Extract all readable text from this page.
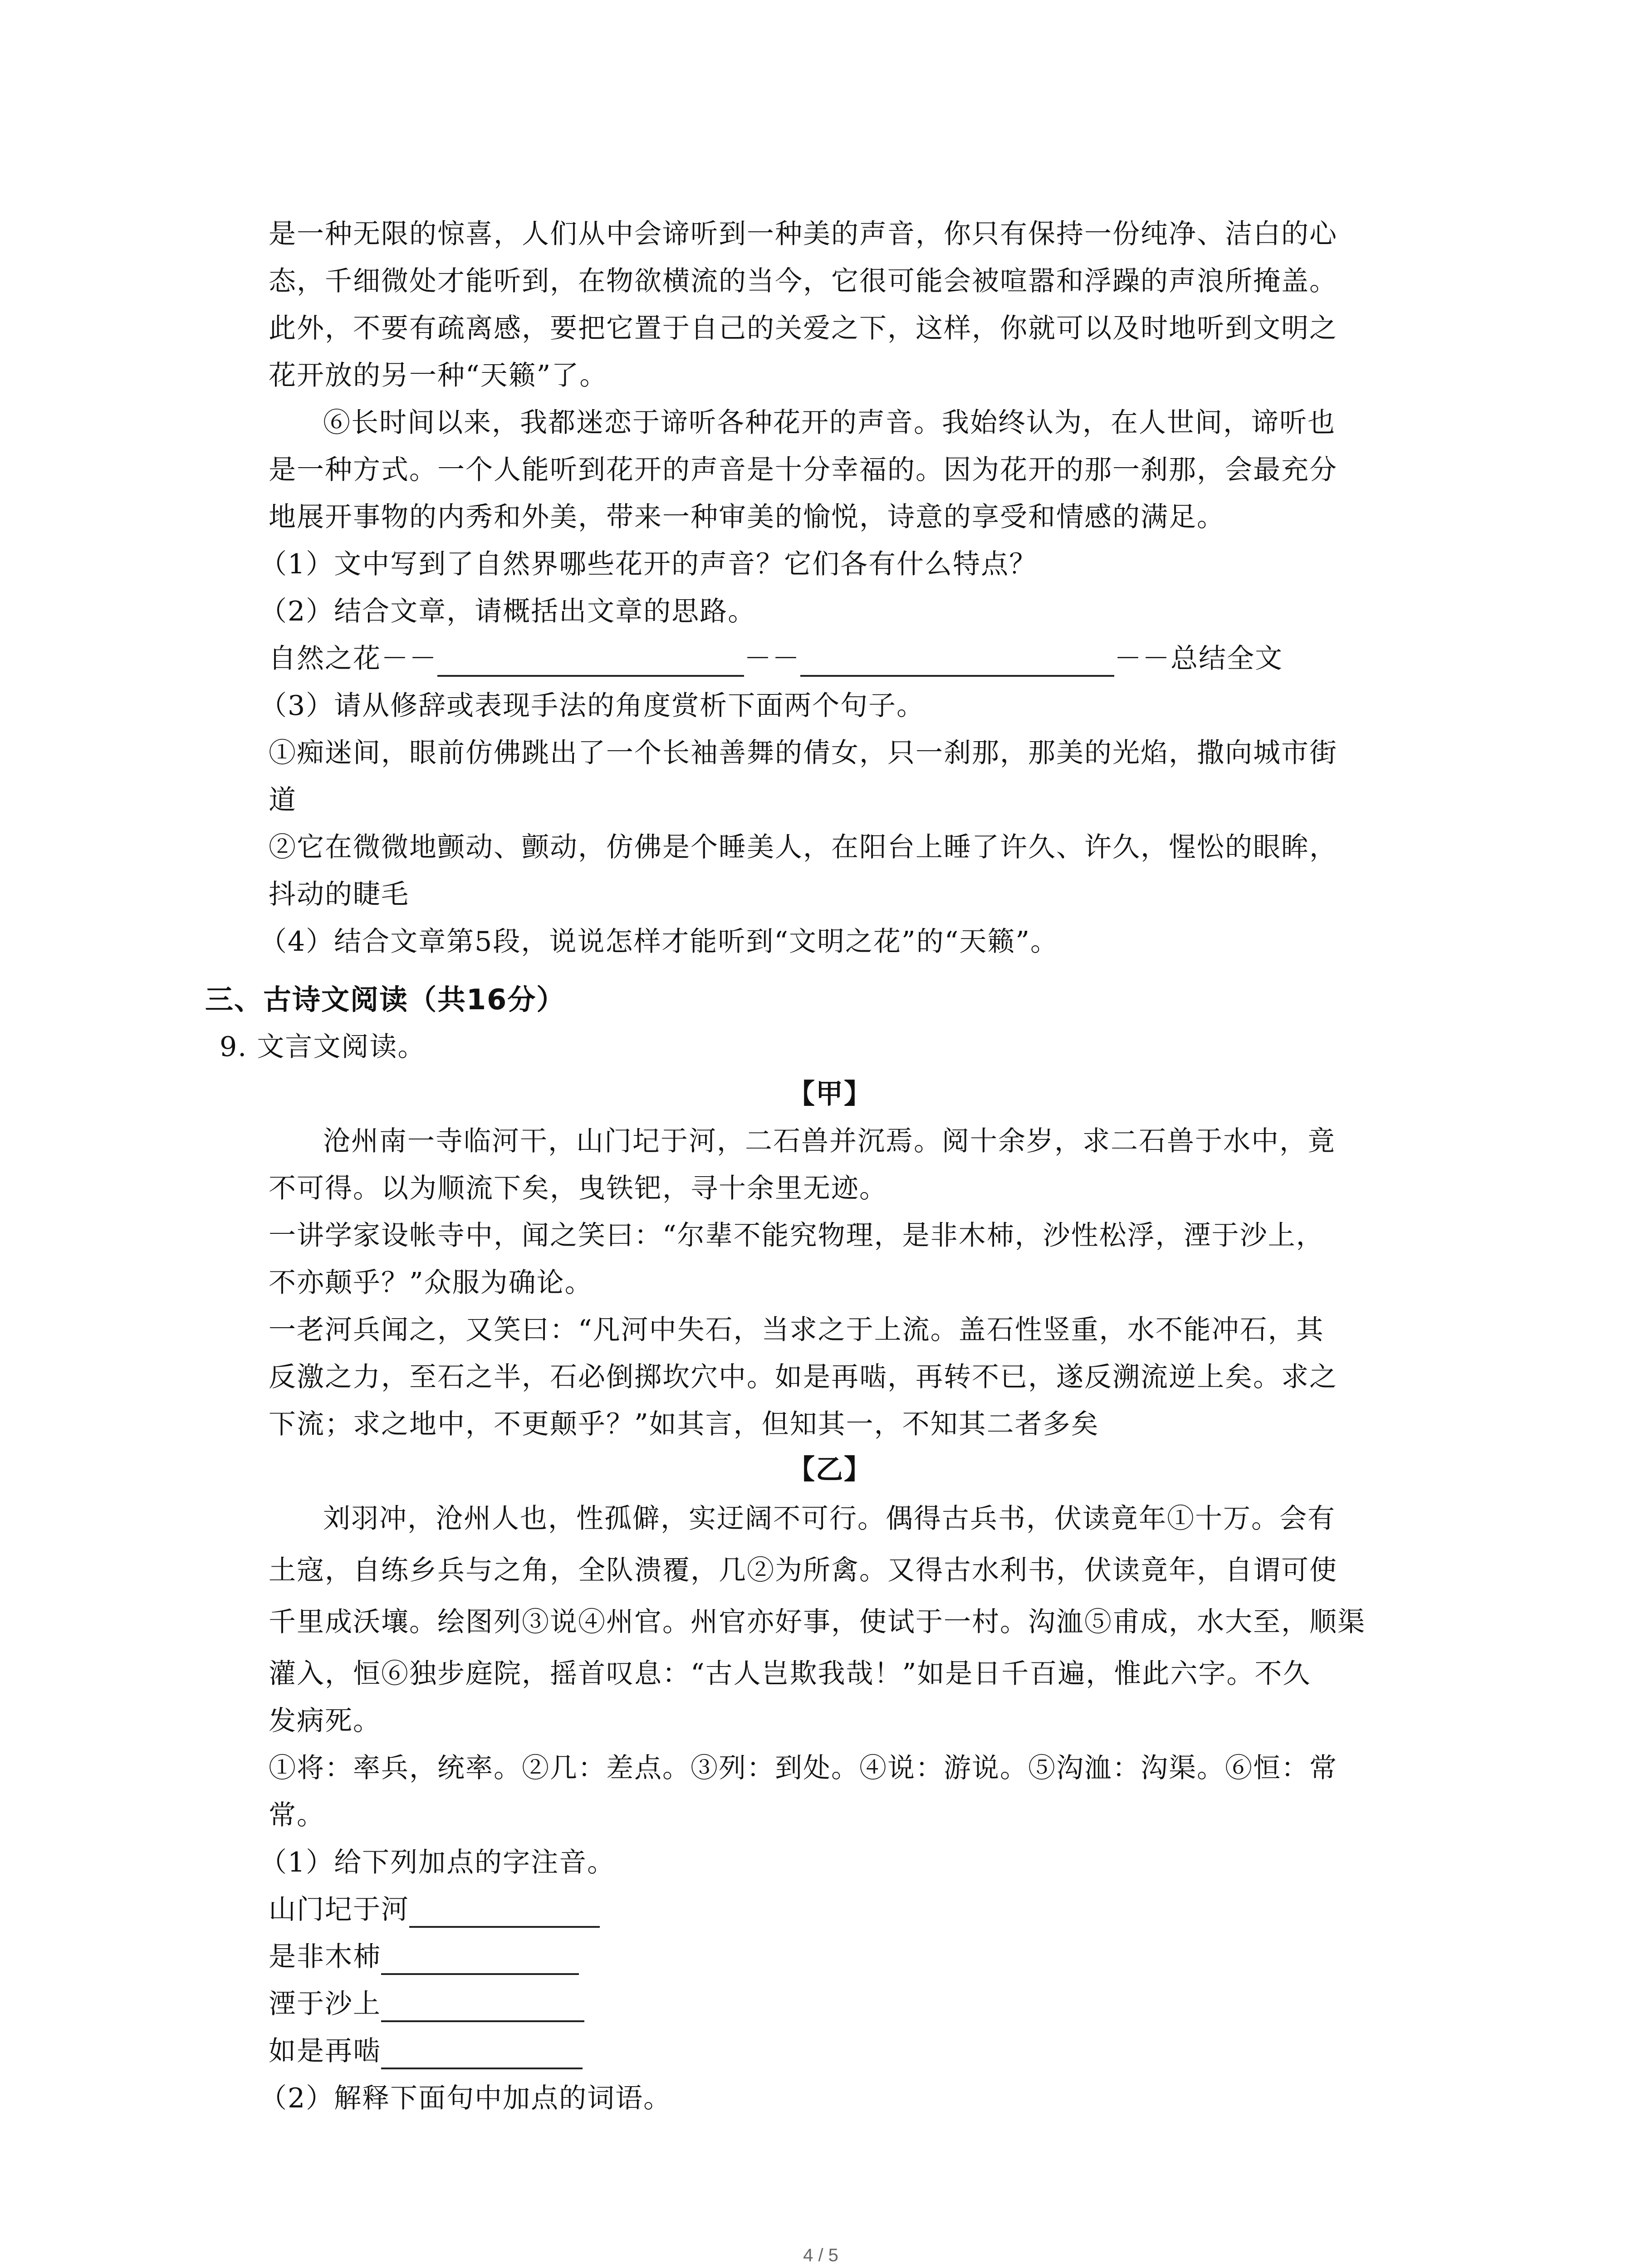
是一种无限的惊喜，人们从中会谛听到一种美的声音，你只有保持一份纯净、洁白的心
态，千细微处才能听到，在物欲横流的当今，它很可能会被喧嚣和浮躁的声浪所掩盖。
此外，不要有疏离感，要把它置于自己的关爱之下，这样，你就可以及时地听到文明之
花开放的另一种“天籁”了。
⑥长时间以来，我都迷恋于谛听各种花开的声音。我始终认为，在人世间，谛听也
是一种方式。一个人能听到花开的声音是十分幸福的。因为花开的那一刹那，会最充分
地展开事物的内秀和外美，带来一种审美的愉悦，诗意的享受和情感的满足。
（1）文中写到了自然界哪些花开的声音？它们各有什么特点？
（2）结合文章，请概括出文章的思路。
自然之花－－	－－	－－总结全文
（3）请从修辞或表现手法的角度赏析下面两个句子。
①痴迷间，眼前仿佛跳出了一个长袖善舞的倩女，只一刹那，那美的光焰，撒向城市街
道
②它在微微地颤动、颤动，仿佛是个睡美人，在阳台上睡了许久、许久，惺忪的眼眸，
抖动的睫毛
（4）结合文章第5段，说说怎样才能听到“文明之花”的“天籁”。
三、古诗文阅读（共16分）
9. 文言文阅读。
【甲】
沧州南一寺临河干，山门圮于河，二石兽并沉焉。阅十余岁，求二石兽于水中，竟
不可得。以为顺流下矣，曳铁钯，寻十余里无迹。
一讲学家设帐寺中，闻之笑曰：“尔辈不能究物理，是非木杮，沙性松浮，湮于沙上，
不亦颠乎？”众服为确论。
一老河兵闻之，又笑曰：“凡河中失石，当求之于上流。盖石性竖重，水不能冲石，其
反激之力，至石之半，石必倒掷坎穴中。如是再啮，再转不已，遂反溯流逆上矣。求之
下流；求之地中，不更颠乎？”如其言，但知其一，不知其二者多矣
【乙】
刘羽冲，沧州人也，性孤僻，实迂阔不可行。偶得古兵书，伏读竟年①十万。会有
土寇，自练乡兵与之角，全队溃覆，几②为所禽。又得古水利书，伏读竟年，自谓可使
千里成沃壤。绘图列③说④州官。州官亦好事，使试于一村。沟洫⑤甫成，水大至，顺渠
灌入，恒⑥独步庭院，摇首叹息：“古人岂欺我哉！”如是日千百遍，惟此六字。不久
发病死。
①将：率兵，统率。②几：差点。③列：到处。④说：游说。⑤沟洫：沟渠。⑥恒：常
常。
（1）给下列加点的字注音。
山门圮于河
是非木杮
湮于沙上
如是再啮
（2）解释下面句中加点的词语。
4 / 5
